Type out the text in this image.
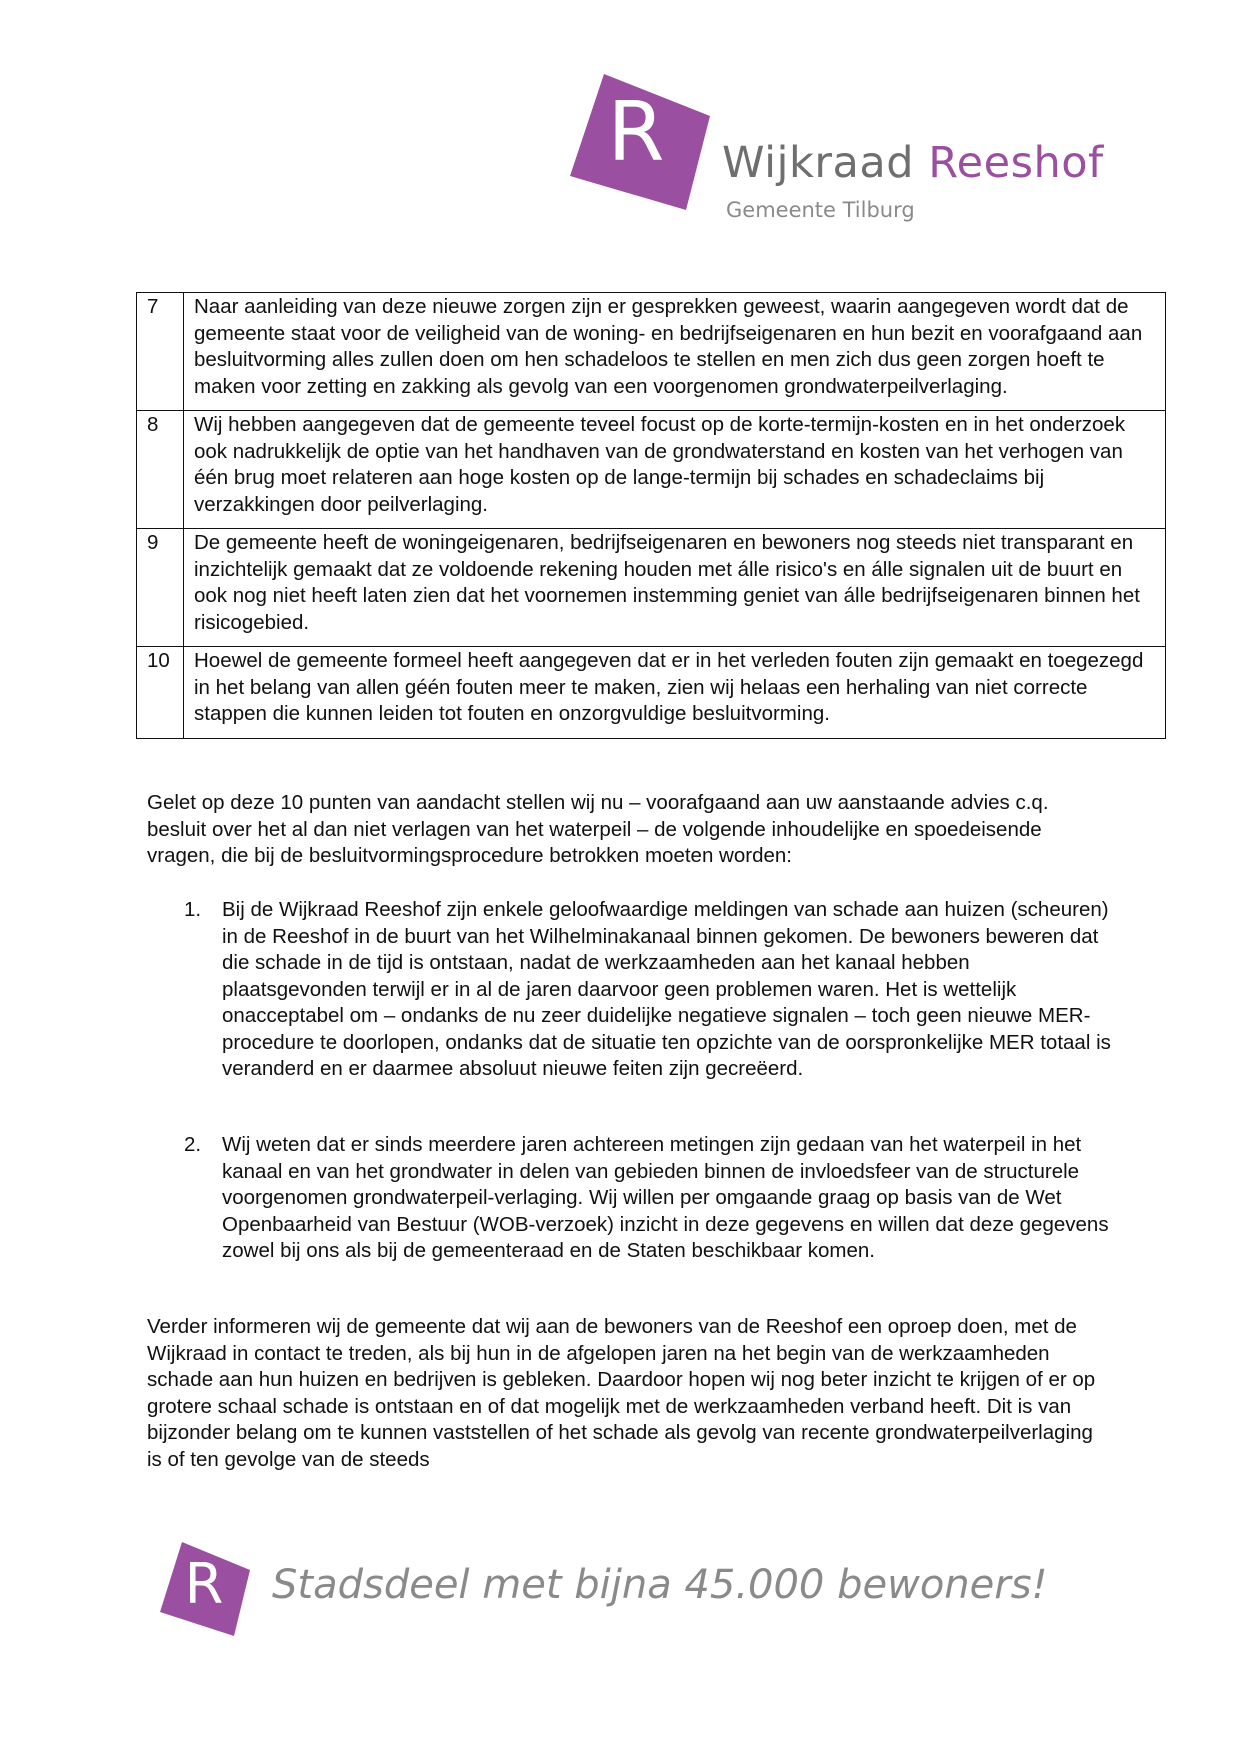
R Wijkraad Reeshof
Gemeente Tilburg
7	Naar aanleiding van deze nieuwe zorgen zijn er gesprekken geweest, waarin aangegeven wordt dat de gemeente staat voor de veiligheid van de woning- en bedrijfseigenaren en hun bezit en voorafgaand aan besluitvorming alles zullen doen om hen schadeloos te stellen en men zich dus geen zorgen hoeft te maken voor zetting en zakking als gevolg van een voorgenomen grondwaterpeilverlaging.
8	Wij hebben aangegeven dat de gemeente teveel focust op de korte-termijn-kosten en in het onderzoek ook nadrukkelijk de optie van het handhaven van de grondwaterstand en kosten van het verhogen van één brug moet relateren aan hoge kosten op de lange-termijn bij schades en schadeclaims bij verzakkingen door peilverlaging.
9	De gemeente heeft de woningeigenaren, bedrijfseigenaren en bewoners nog steeds niet transparant en inzichtelijk gemaakt dat ze voldoende rekening houden met álle risico's en álle signalen uit de buurt en ook nog niet heeft laten zien dat het voornemen instemming geniet van álle bedrijfseigenaren binnen het risicogebied.
10	Hoewel de gemeente formeel heeft aangegeven dat er in het verleden fouten zijn gemaakt en toegezegd in het belang van allen géén fouten meer te maken, zien wij helaas een herhaling van niet correcte stappen die kunnen leiden tot fouten en onzorgvuldige besluitvorming.

Gelet op deze 10 punten van aandacht stellen wij nu – voorafgaand aan uw aanstaande advies c.q. besluit over het al dan niet verlagen van het waterpeil – de volgende inhoudelijke en spoedeisende vragen, die bij de besluitvormingsprocedure betrokken moeten worden:

1. Bij de Wijkraad Reeshof zijn enkele geloofwaardige meldingen van schade aan huizen (scheuren) in de Reeshof in de buurt van het Wilhelminakanaal binnen gekomen. De bewoners beweren dat die schade in de tijd is ontstaan, nadat de werkzaamheden aan het kanaal hebben plaatsgevonden terwijl er in al de jaren daarvoor geen problemen waren. Het is wettelijk onacceptabel om – ondanks de nu zeer duidelijke negatieve signalen – toch geen nieuwe MER-procedure te doorlopen, ondanks dat de situatie ten opzichte van de oorspronkelijke MER totaal is veranderd en er daarmee absoluut nieuwe feiten zijn gecreëerd.
2. Wij weten dat er sinds meerdere jaren achtereen metingen zijn gedaan van het waterpeil in het kanaal en van het grondwater in delen van gebieden binnen de invloedsfeer van de structurele voorgenomen grondwaterpeil-verlaging. Wij willen per omgaande graag op basis van de Wet Openbaarheid van Bestuur (WOB-verzoek) inzicht in deze gegevens en willen dat deze gegevens zowel bij ons als bij de gemeenteraad en de Staten beschikbaar komen.

Verder informeren wij de gemeente dat wij aan de bewoners van de Reeshof een oproep doen, met de Wijkraad in contact te treden, als bij hun in de afgelopen jaren na het begin van de werkzaamheden schade aan hun huizen en bedrijven is gebleken. Daardoor hopen wij nog beter inzicht te krijgen of er op grotere schaal schade is ontstaan en of dat mogelijk met de werkzaamheden verband heeft. Dit is van bijzonder belang om te kunnen vaststellen of het schade als gevolg van recente grondwaterpeilverlaging is of ten gevolge van de steeds

R Stadsdeel met bijna 45.000 bewoners!
